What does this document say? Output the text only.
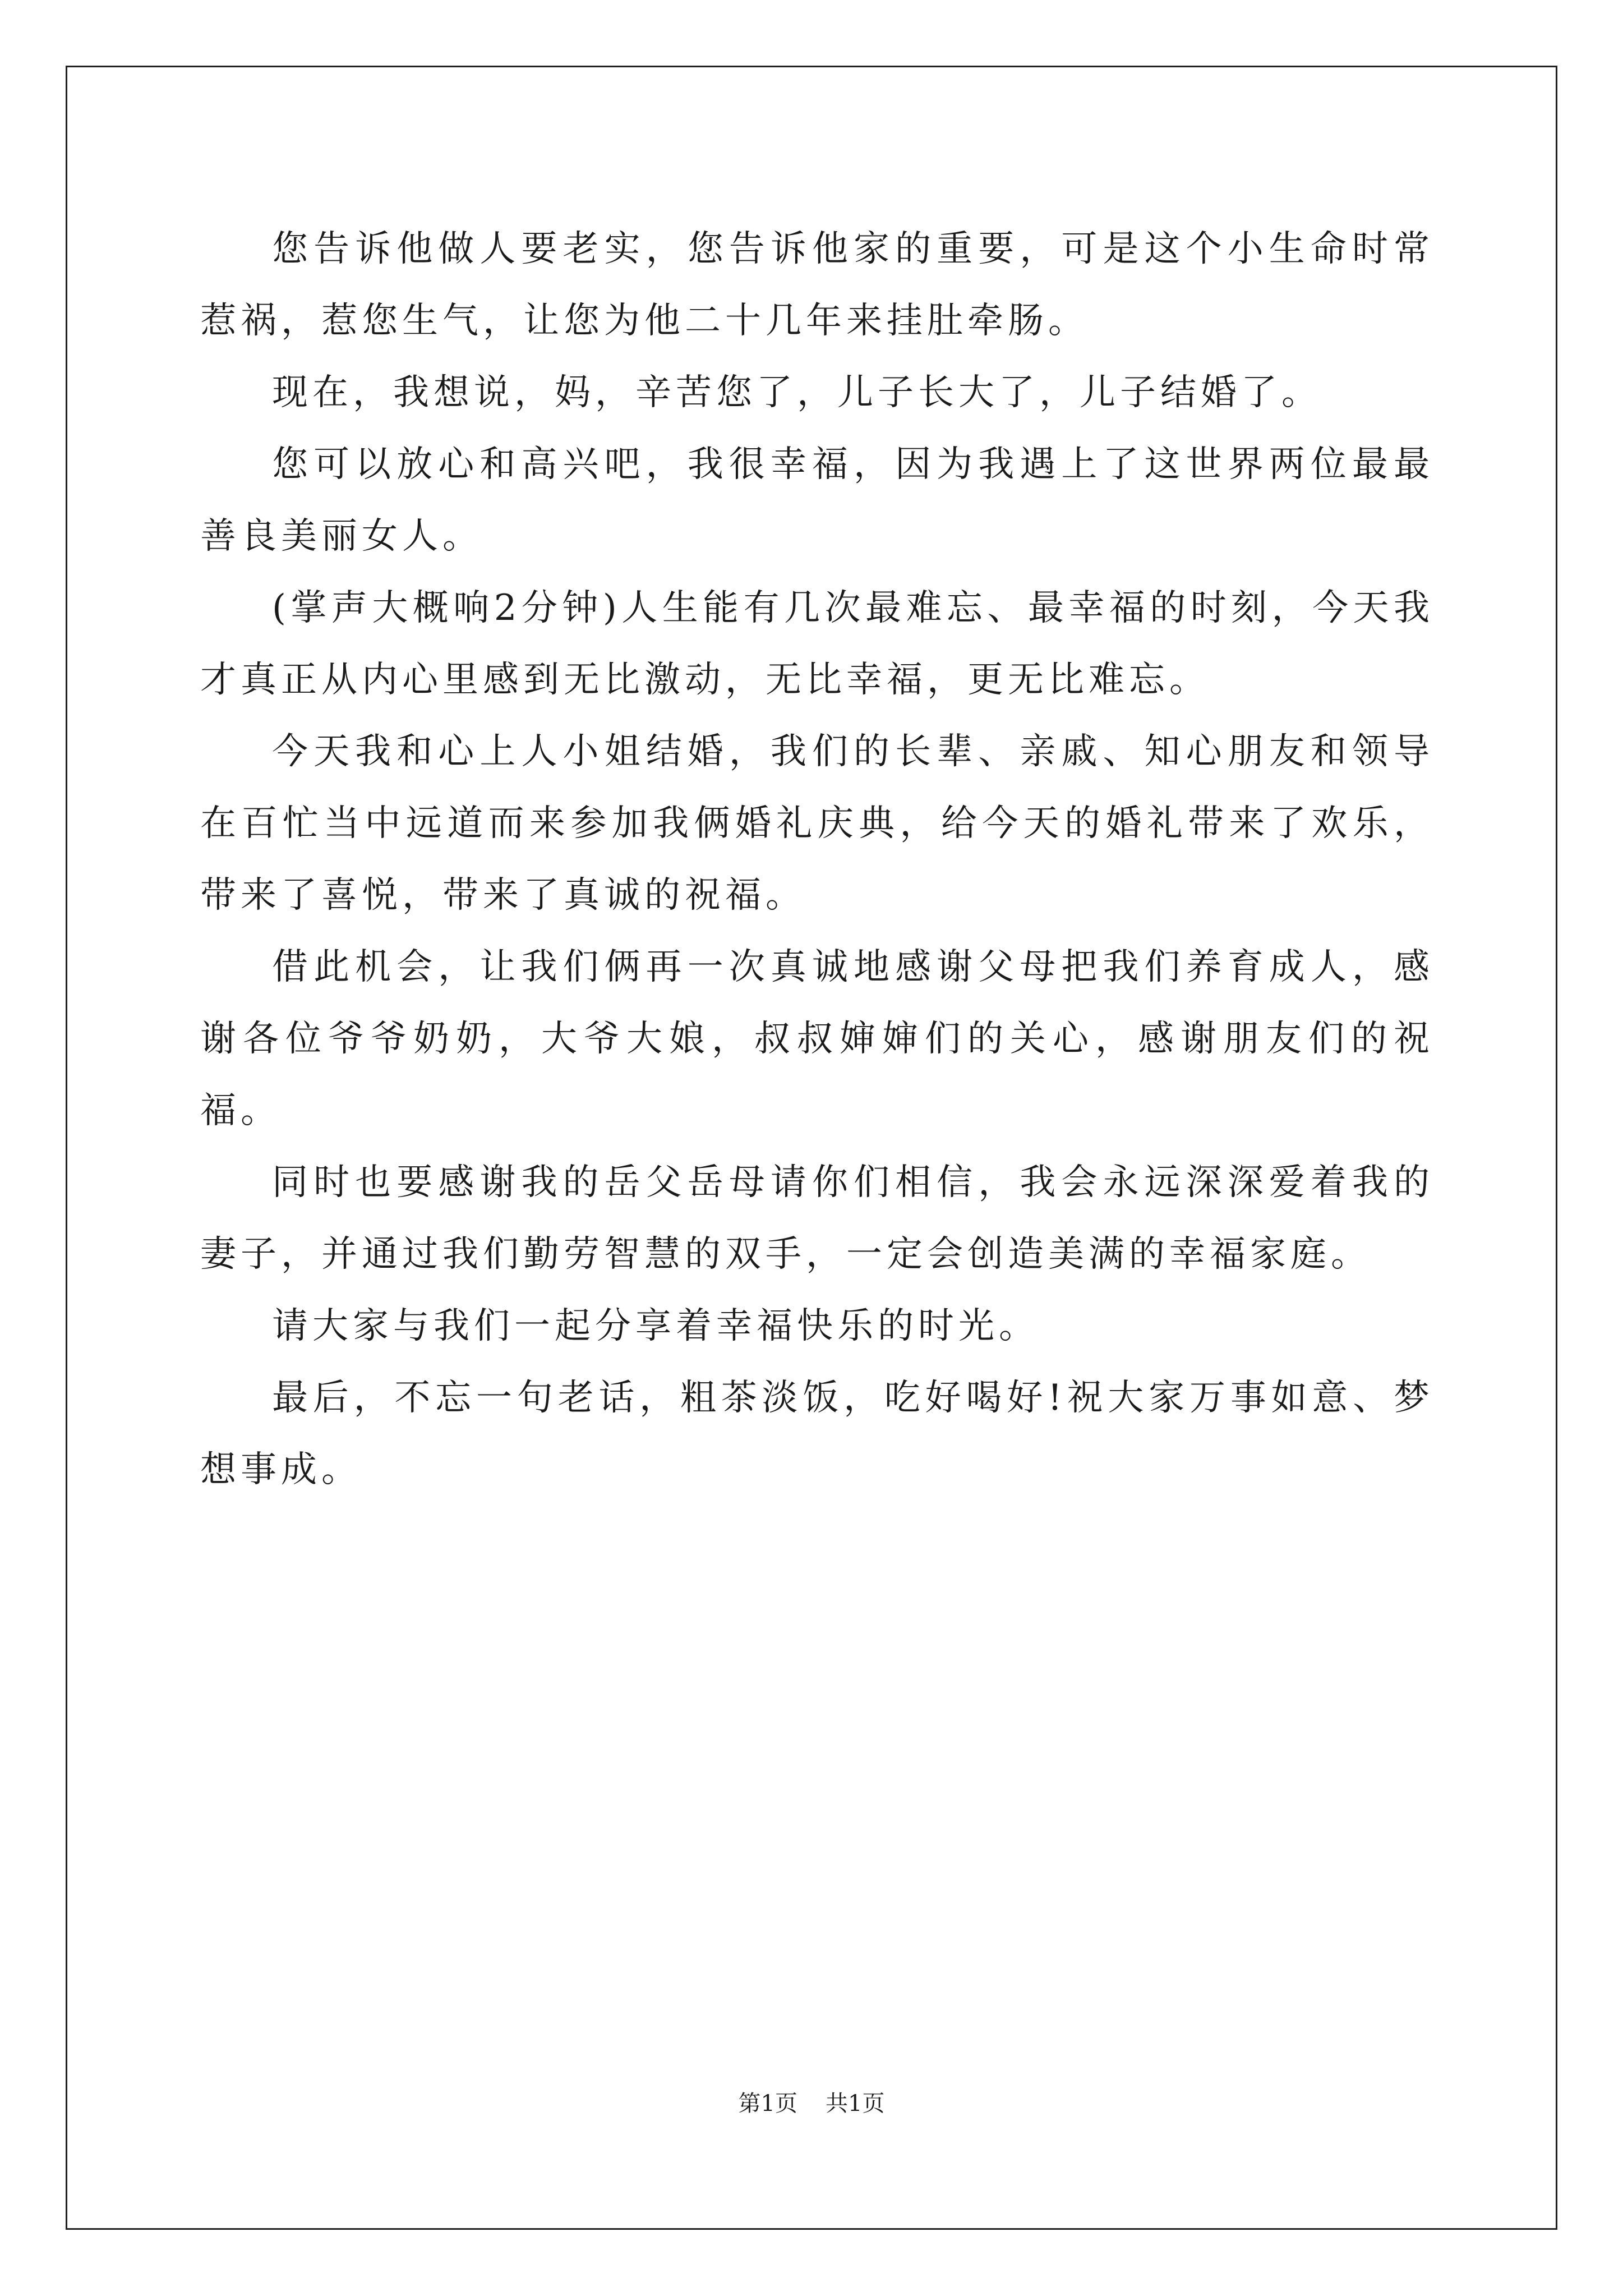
您告诉他做人要老实，您告诉他家的重要，可是这个小生命时常惹祸，惹您生气，让您为他二十几年来挂肚牵肠。

现在，我想说，妈，辛苦您了，儿子长大了，儿子结婚了。

您可以放心和高兴吧，我很幸福，因为我遇上了这世界两位最最善良美丽女人。

(掌声大概响2分钟)人生能有几次最难忘、最幸福的时刻，今天我才真正从内心里感到无比激动，无比幸福，更无比难忘。

今天我和心上人小姐结婚，我们的长辈、亲戚、知心朋友和领导在百忙当中远道而来参加我俩婚礼庆典，给今天的婚礼带来了欢乐，带来了喜悦，带来了真诚的祝福。

借此机会，让我们俩再一次真诚地感谢父母把我们养育成人，感谢各位爷爷奶奶，大爷大娘，叔叔婶婶们的关心，感谢朋友们的祝福。

同时也要感谢我的岳父岳母请你们相信，我会永远深深爱着我的妻子，并通过我们勤劳智慧的双手，一定会创造美满的幸福家庭。

请大家与我们一起分享着幸福快乐的时光。

最后，不忘一句老话，粗茶淡饭，吃好喝好!祝大家万事如意、梦想事成。

第1页 共1页
